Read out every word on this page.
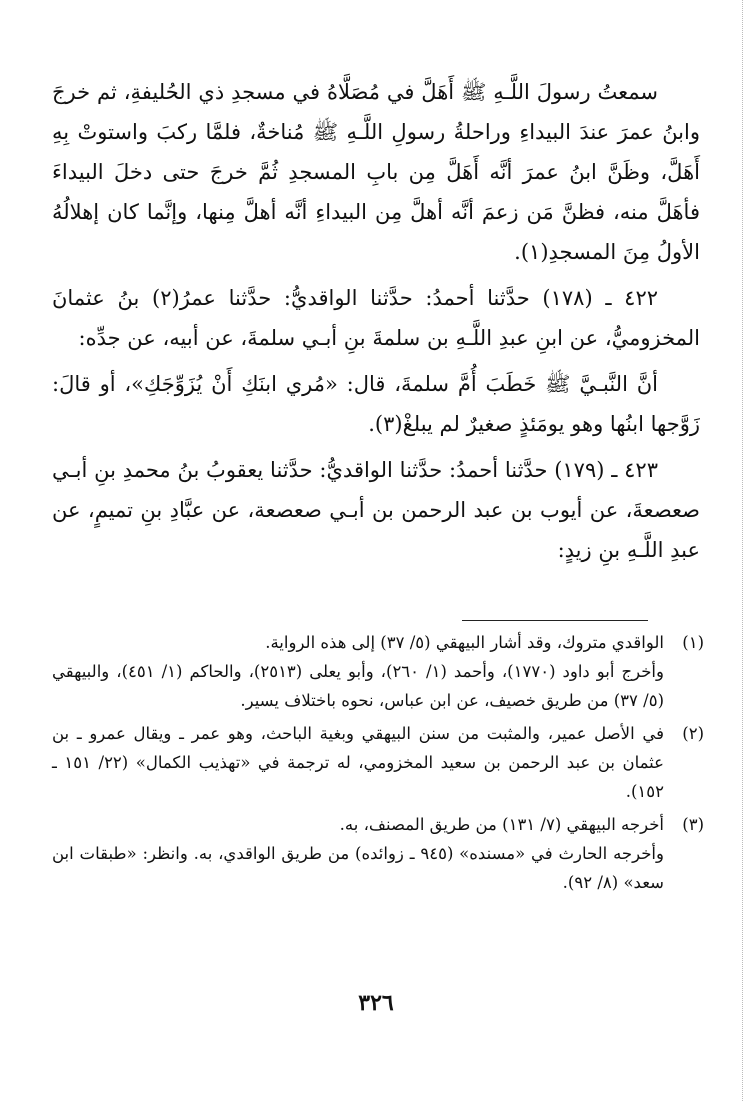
سمعتُ رسولَ اللَّـهِ ﷺ أَهَلَّ في مُصَلَّاهُ في مسجدِ ذي الحُليفةِ، ثم خرجَ وابنُ عمرَ عندَ البيداءِ وراحلةُ رسولِ اللَّـهِ ﷺ مُناخةٌ، فلمَّا ركبَ واستوتْ بِهِ أَهَلَّ، وظَنَّ ابنُ عمرَ أنَّه أَهَلَّ مِن بابِ المسجدِ ثُمَّ خرجَ حتى دخلَ البيداءَ فأهَلَّ منه، فظنَّ مَن زعمَ أنَّه أهلَّ مِن البيداءِ أنَّه أهلَّ مِنها، وإنَّما كان إهلالُهُ الأولُ مِنَ المسجدِ(١).

٤٢٢ ـ (١٧٨) حدَّثنا أحمدُ: حدَّثنا الواقديُّ: حدَّثنا عمرُ(٢) بنُ عثمانَ المخزوميُّ، عن ابنِ عبدِ اللَّـهِ بن سلمةَ بنِ أبـي سلمةَ، عن أبيه، عن جدِّه:

أنَّ النَّبـيَّ ﷺ خَطَبَ أُمَّ سلمةَ، قال: «مُري ابنَكِ أَنْ يُزَوِّجَكِ»، أو قالَ: زَوَّجها ابنُها وهو يومَئذٍ صغيرٌ لم يبلغْ(٣).

٤٢٣ ـ (١٧٩) حدَّثنا أحمدُ: حدَّثنا الواقديُّ: حدَّثنا يعقوبُ بنُ محمدِ بنِ أبـي صعصعةَ، عن أيوب بن عبد الرحمن بن أبـي صعصعة، عن عبَّادِ بنِ تميمٍ، عن عبدِ اللَّـهِ بنِ زيدٍ:

(١)

الواقدي متروك، وقد أشار البيهقي (٥/ ٣٧) إلى هذه الرواية.

وأخرج أبو داود (١٧٧٠)، وأحمد (١/ ٢٦٠)، وأبو يعلى (٢٥١٣)، والحاكم (١/ ٤٥١)، والبيهقي (٥/ ٣٧) من طريق خصيف، عن ابن عباس، نحوه باختلاف يسير.

(٢)

في الأصل عمير، والمثبت من سنن البيهقي وبغية الباحث، وهو عمر ـ ويقال عمرو ـ بن عثمان بن عبد الرحمن بن سعيد المخزومي، له ترجمة في «تهذيب الكمال» (٢٢/ ١٥١ ـ ١٥٢).

(٣)

أخرجه البيهقي (٧/ ١٣١) من طريق المصنف، به.

وأخرجه الحارث في «مسنده» (٩٤٥ ـ زوائده) من طريق الواقدي، به. وانظر: «طبقات ابن سعد» (٨/ ٩٢).

٣٢٦
